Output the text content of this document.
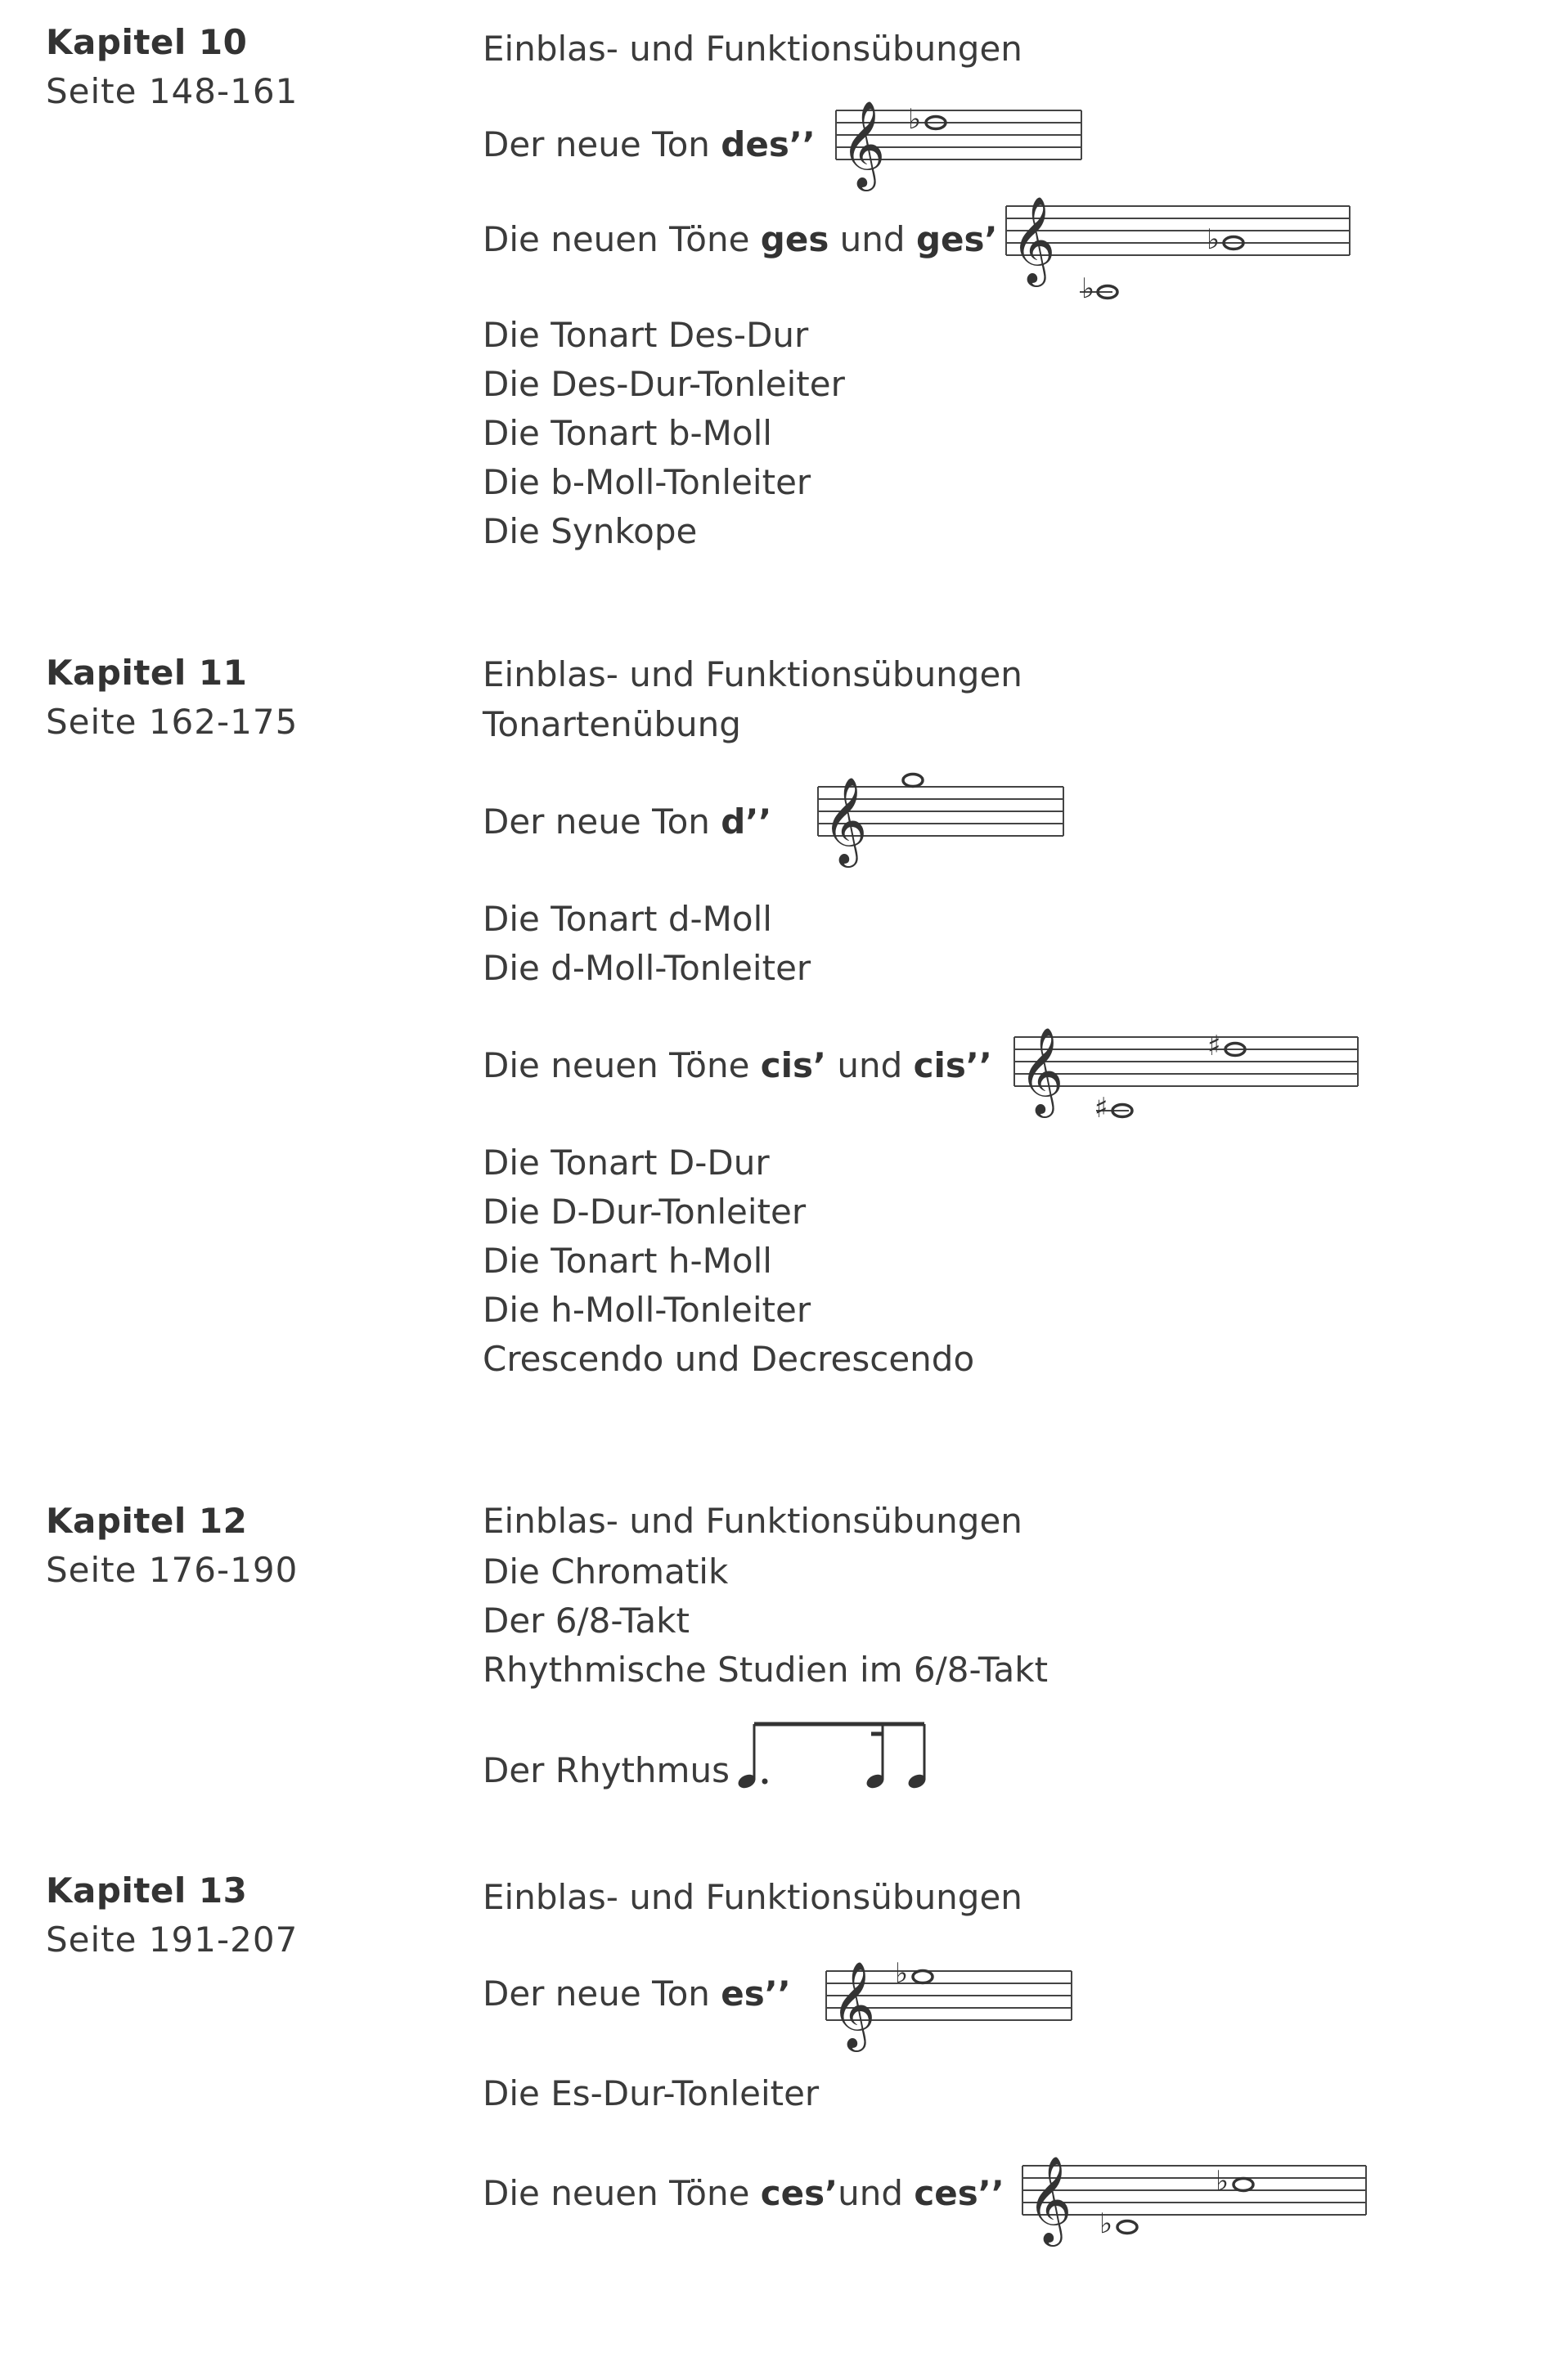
Kapitel 10
Seite 148-161
Einblas- und Funktionsübungen
Der neue Ton des’’ 𝄞 ♭
Die neuen Töne ges und ges’ 𝄞	♭
♭
Die Tonart Des-Dur
Die Des-Dur-Tonleiter
Die Tonart b-Moll
Die b-Moll-Tonleiter
Die Synkope
Kapitel 11
Seite 162-175
Einblas- und Funktionsübungen
Tonartenübung
Der neue Ton d’’ 𝄞
Die Tonart d-Moll
Die d-Moll-Tonleiter
Die neuen Töne cis’ und cis’’ 𝄞	♯
♯
Die Tonart D-Dur
Die D-Dur-Tonleiter
Die Tonart h-Moll
Die h-Moll-Tonleiter
Crescendo und Decrescendo
Kapitel 12
Seite 176-190
Einblas- und Funktionsübungen
Die Chromatik
Der 6/8-Takt
Rhythmische Studien im 6/8-Takt
Der Rhythmus
Kapitel 13
Seite 191-207
Einblas- und Funktionsübungen
Der neue Ton es’’ 𝄞 ♭
Die Es-Dur-Tonleiter
Die neuen Töne ces’und ces’’ 𝄞	♭
♭
